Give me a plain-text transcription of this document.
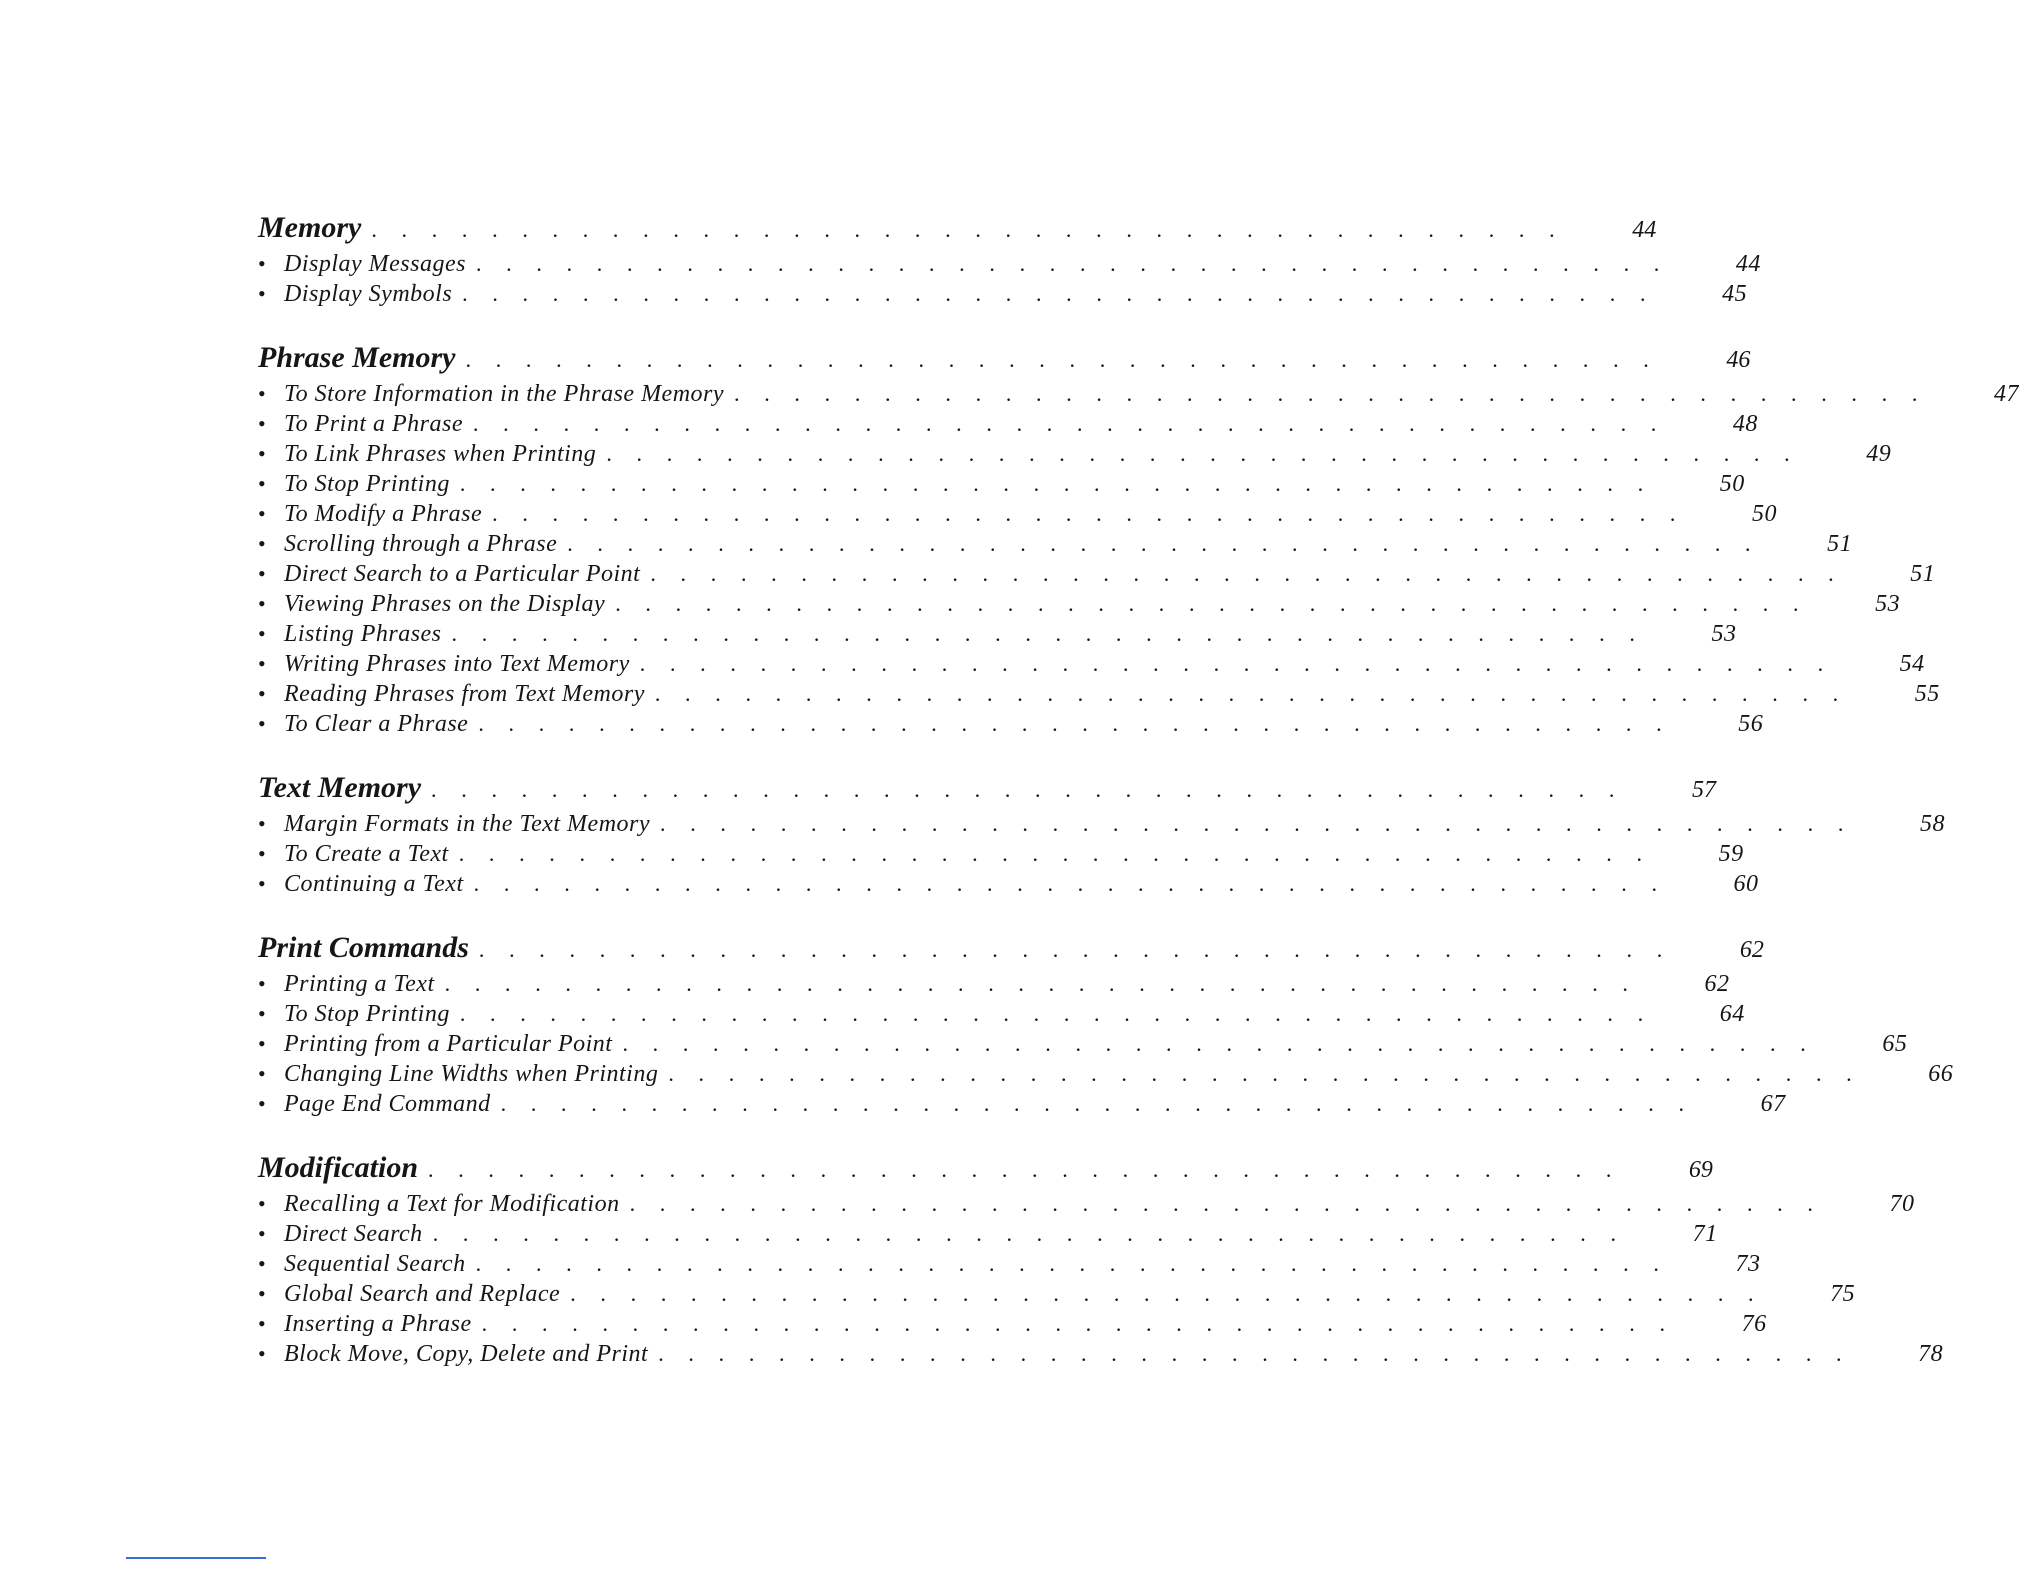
Memory . . . . . . . . . . . . . . . . . . . . . . . . . . . . . . . . . . . . . . . .	44
• Display Messages . . . . . . . . . . . . . . . . . . . . . . . . . . . . . . . . . . . . . . . .	44
• Display Symbols . . . . . . . . . . . . . . . . . . . . . . . . . . . . . . . . . . . . . . . .	45
Phrase Memory . . . . . . . . . . . . . . . . . . . . . . . . . . . . . . . . . . . . . . . .	46
• To Store Information in the Phrase Memory . . . . . . . . . . . . . . . . . . . . . . . . . . . . . . . . . . . . . . . .	47
• To Print a Phrase . . . . . . . . . . . . . . . . . . . . . . . . . . . . . . . . . . . . . . . .	48
• To Link Phrases when Printing . . . . . . . . . . . . . . . . . . . . . . . . . . . . . . . . . . . . . . . .	49
• To Stop Printing . . . . . . . . . . . . . . . . . . . . . . . . . . . . . . . . . . . . . . . .	50
• To Modify a Phrase . . . . . . . . . . . . . . . . . . . . . . . . . . . . . . . . . . . . . . . .	50
• Scrolling through a Phrase . . . . . . . . . . . . . . . . . . . . . . . . . . . . . . . . . . . . . . . .	51
• Direct Search to a Particular Point . . . . . . . . . . . . . . . . . . . . . . . . . . . . . . . . . . . . . . . .	51
• Viewing Phrases on the Display . . . . . . . . . . . . . . . . . . . . . . . . . . . . . . . . . . . . . . . .	53
• Listing Phrases . . . . . . . . . . . . . . . . . . . . . . . . . . . . . . . . . . . . . . . .	53
• Writing Phrases into Text Memory . . . . . . . . . . . . . . . . . . . . . . . . . . . . . . . . . . . . . . . .	54
• Reading Phrases from Text Memory . . . . . . . . . . . . . . . . . . . . . . . . . . . . . . . . . . . . . . . .	55
• To Clear a Phrase . . . . . . . . . . . . . . . . . . . . . . . . . . . . . . . . . . . . . . . .	56
Text Memory . . . . . . . . . . . . . . . . . . . . . . . . . . . . . . . . . . . . . . . .	57
• Margin Formats in the Text Memory . . . . . . . . . . . . . . . . . . . . . . . . . . . . . . . . . . . . . . . .	58
• To Create a Text . . . . . . . . . . . . . . . . . . . . . . . . . . . . . . . . . . . . . . . .	59
• Continuing a Text . . . . . . . . . . . . . . . . . . . . . . . . . . . . . . . . . . . . . . . .	60
Print Commands . . . . . . . . . . . . . . . . . . . . . . . . . . . . . . . . . . . . . . . .	62
• Printing a Text . . . . . . . . . . . . . . . . . . . . . . . . . . . . . . . . . . . . . . . .	62
• To Stop Printing . . . . . . . . . . . . . . . . . . . . . . . . . . . . . . . . . . . . . . . .	64
• Printing from a Particular Point . . . . . . . . . . . . . . . . . . . . . . . . . . . . . . . . . . . . . . . .	65
• Changing Line Widths when Printing . . . . . . . . . . . . . . . . . . . . . . . . . . . . . . . . . . . . . . . .	66
• Page End Command . . . . . . . . . . . . . . . . . . . . . . . . . . . . . . . . . . . . . . . .	67
Modification . . . . . . . . . . . . . . . . . . . . . . . . . . . . . . . . . . . . . . . .	69
• Recalling a Text for Modification . . . . . . . . . . . . . . . . . . . . . . . . . . . . . . . . . . . . . . . .	70
• Direct Search . . . . . . . . . . . . . . . . . . . . . . . . . . . . . . . . . . . . . . . .	71
• Sequential Search . . . . . . . . . . . . . . . . . . . . . . . . . . . . . . . . . . . . . . . .	73
• Global Search and Replace . . . . . . . . . . . . . . . . . . . . . . . . . . . . . . . . . . . . . . . .	75
• Inserting a Phrase . . . . . . . . . . . . . . . . . . . . . . . . . . . . . . . . . . . . . . . .	76
• Block Move, Copy, Delete and Print . . . . . . . . . . . . . . . . . . . . . . . . . . . . . . . . . . . . . . . .	78
